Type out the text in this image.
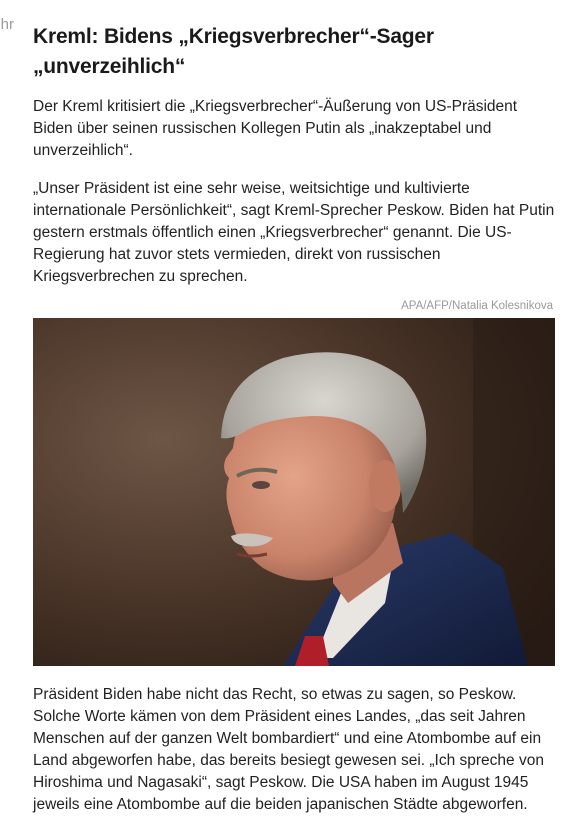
hr
Kreml: Bidens „Kriegsverbrecher“-Sager „unverzeihlich“

Der Kreml kritisiert die „Kriegsverbrecher“-Äußerung von US-Präsident Biden über seinen russischen Kollegen Putin als „inakzeptabel und unverzeihlich“.

„Unser Präsident ist eine sehr weise, weitsichtige und kultivierte internationale Persönlichkeit“, sagt Kreml-Sprecher Peskow. Biden hat Putin gestern erstmals öffentlich einen „Kriegsverbrecher“ genannt. Die US-Regierung hat zuvor stets vermieden, direkt von russischen Kriegsverbrechen zu sprechen.

APA/AFP/Natalia Kolesnikova

Präsident Biden habe nicht das Recht, so etwas zu sagen, so Peskow. Solche Worte kämen von dem Präsident eines Landes, „das seit Jahren Menschen auf der ganzen Welt bombardiert“ und eine Atombombe auf ein Land abgeworfen habe, das bereits besiegt gewesen sei. „Ich spreche von Hiroshima und Nagasaki“, sagt Peskow. Die USA haben im August 1945 jeweils eine Atombombe auf die beiden japanischen Städte abgeworfen.
